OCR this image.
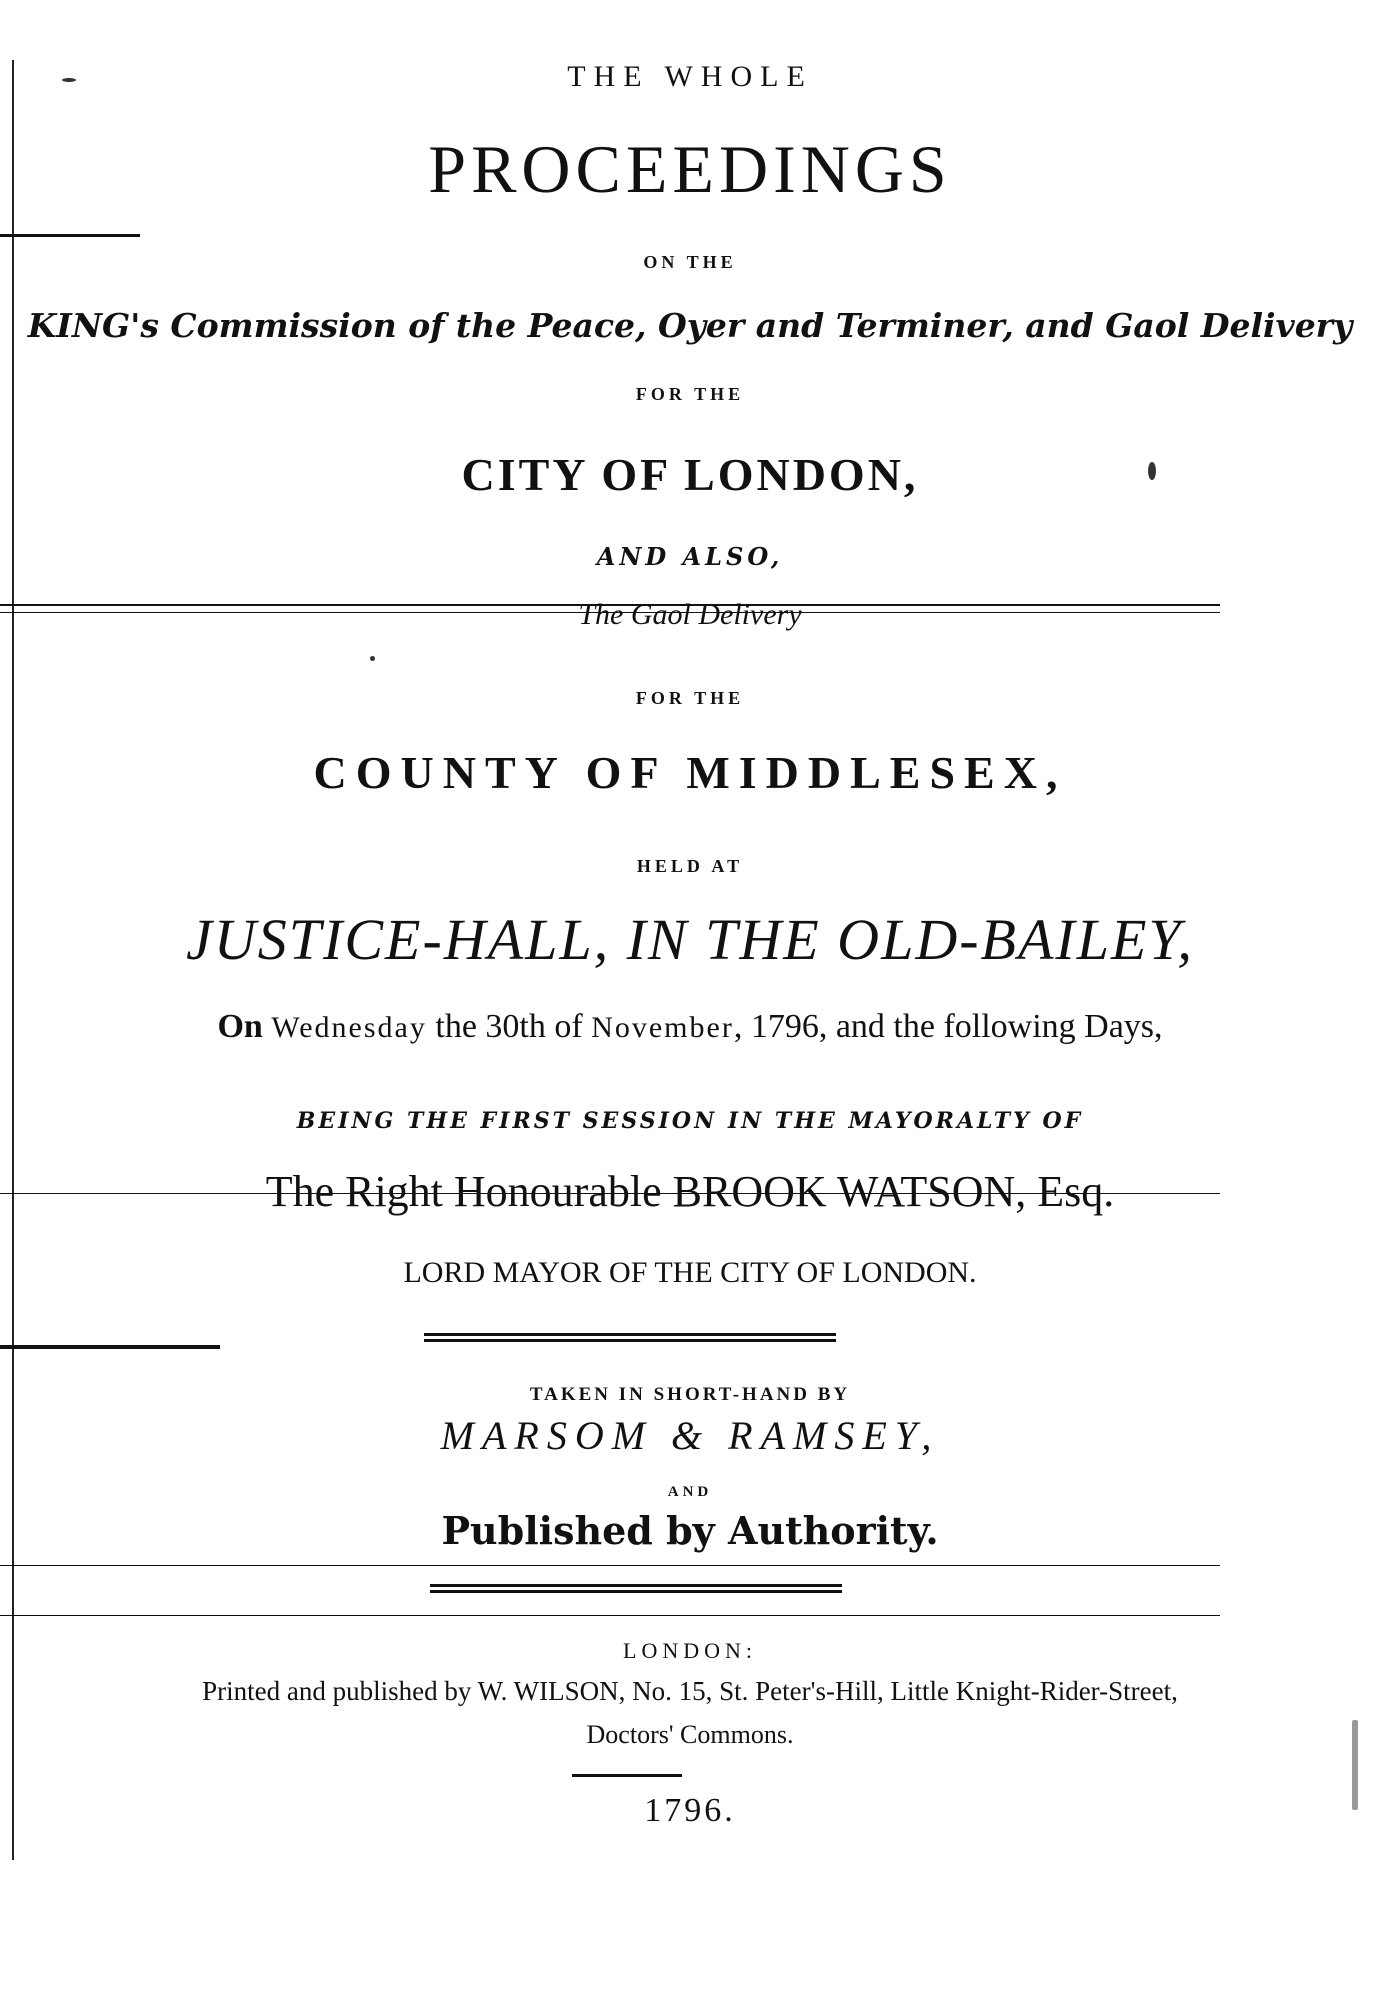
THE WHOLE
PROCEEDINGS
ON THE
KING's Commission of the Peace, Oyer and Terminer, and Gaol Delivery
FOR THE
CITY OF LONDON,
AND ALSO,
The Gaol Delivery
FOR THE
COUNTY OF MIDDLESEX,
HELD AT
JUSTICE-HALL, IN THE OLD-BAILEY,
On Wednesday the 30th of November, 1796, and the following Days,
BEING THE FIRST SESSION IN THE MAYORALTY OF
The Right Honourable BROOK WATSON, Esq.
LORD MAYOR OF THE CITY OF LONDON.
TAKEN IN SHORT-HAND BY
MARSOM & RAMSEY,
AND
Published by Authority.
LONDON:
Printed and published by W. WILSON, No. 15, St. Peter's-Hill, Little Knight-Rider-Street,
Doctors' Commons.
1796.
